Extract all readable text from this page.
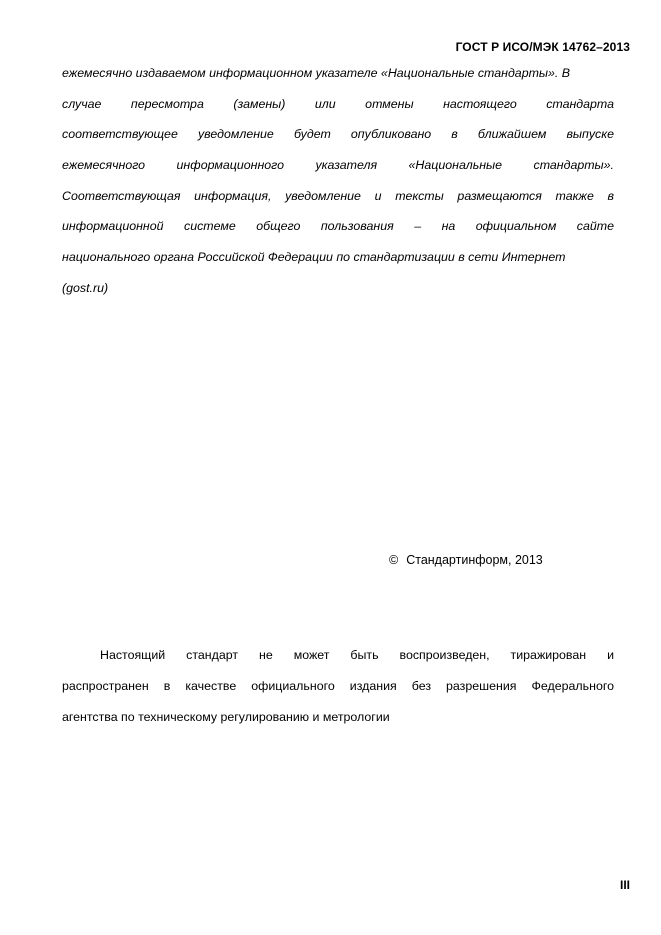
ГОСТ Р ИСО/МЭК 14762–2013
ежемесячно издаваемом информационном указателе «Национальные стандарты». В
случае пересмотра (замены) или отмены настоящего стандарта
соответствующее уведомление будет опубликовано в ближайшем выпуске
ежемесячного информационного указателя «Национальные стандарты».
Соответствующая информация, уведомление и тексты размещаются также в
информационной системе общего пользования – на официальном сайте
национального органа Российской Федерации по стандартизации в сети Интернет
(gost.ru)
© Стандартинформ, 2013
Настоящий стандарт не может быть воспроизведен, тиражирован и
распространен в качестве официального издания без разрешения Федерального
агентства по техническому регулированию и метрологии
III
